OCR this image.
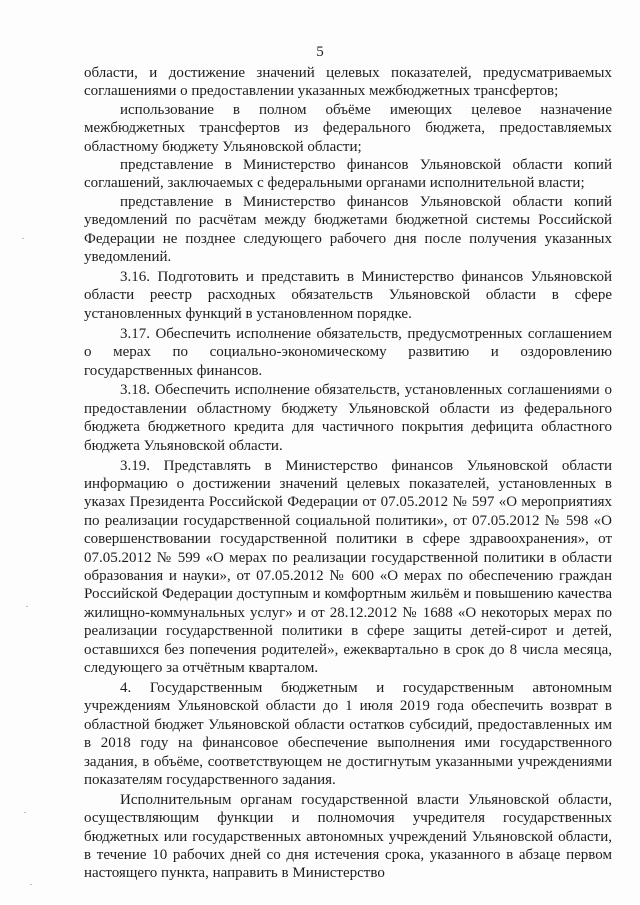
5

области, и достижение значений целевых показателей, предусматриваемых соглашениями о предоставлении указанных межбюджетных трансфертов;

использование в полном объёме имеющих целевое назначение межбюджетных трансфертов из федерального бюджета, предоставляемых областному бюджету Ульяновской области;

представление в Министерство финансов Ульяновской области копий соглашений, заключаемых с федеральными органами исполнительной власти;

представление в Министерство финансов Ульяновской области копий уведомлений по расчётам между бюджетами бюджетной системы Российской Федерации не позднее следующего рабочего дня после получения указанных уведомлений.

3.16. Подготовить и представить в Министерство финансов Ульяновской области реестр расходных обязательств Ульяновской области в сфере установленных функций в установленном порядке.

3.17. Обеспечить исполнение обязательств, предусмотренных соглашением о мерах по социально-экономическому развитию и оздоровлению государственных финансов.

3.18. Обеспечить исполнение обязательств, установленных соглашениями о предоставлении областному бюджету Ульяновской области из федерального бюджета бюджетного кредита для частичного покрытия дефицита областного бюджета Ульяновской области.

3.19. Представлять в Министерство финансов Ульяновской области информацию о достижении значений целевых показателей, установленных в указах Президента Российской Федерации от 07.05.2012 № 597 «О мероприятиях по реализации государственной социальной политики», от 07.05.2012 № 598 «О совершенствовании государственной политики в сфере здравоохранения», от 07.05.2012 № 599 «О мерах по реализации государственной политики в области образования и науки», от 07.05.2012 № 600 «О мерах по обеспечению граждан Российской Федерации доступным и комфортным жильём и повышению качества жилищно-коммунальных услуг» и от 28.12.2012 № 1688 «О некоторых мерах по реализации государственной политики в сфере защиты детей-сирот и детей, оставшихся без попечения родителей», ежеквартально в срок до 8 числа месяца, следующего за отчётным кварталом.

4. Государственным бюджетным и государственным автономным учреждениям Ульяновской области до 1 июля 2019 года обеспечить возврат в областной бюджет Ульяновской области остатков субсидий, предоставленных им в 2018 году на финансовое обеспечение выполнения ими государственного задания, в объёме, соответствующем не достигнутым указанными учреждениями показателям государственного задания.

Исполнительным органам государственной власти Ульяновской области, осуществляющим функции и полномочия учредителя государственных бюджетных или государственных автономных учреждений Ульяновской области, в течение 10 рабочих дней со дня истечения срока, указанного в абзаце первом настоящего пункта, направить в Министерство
